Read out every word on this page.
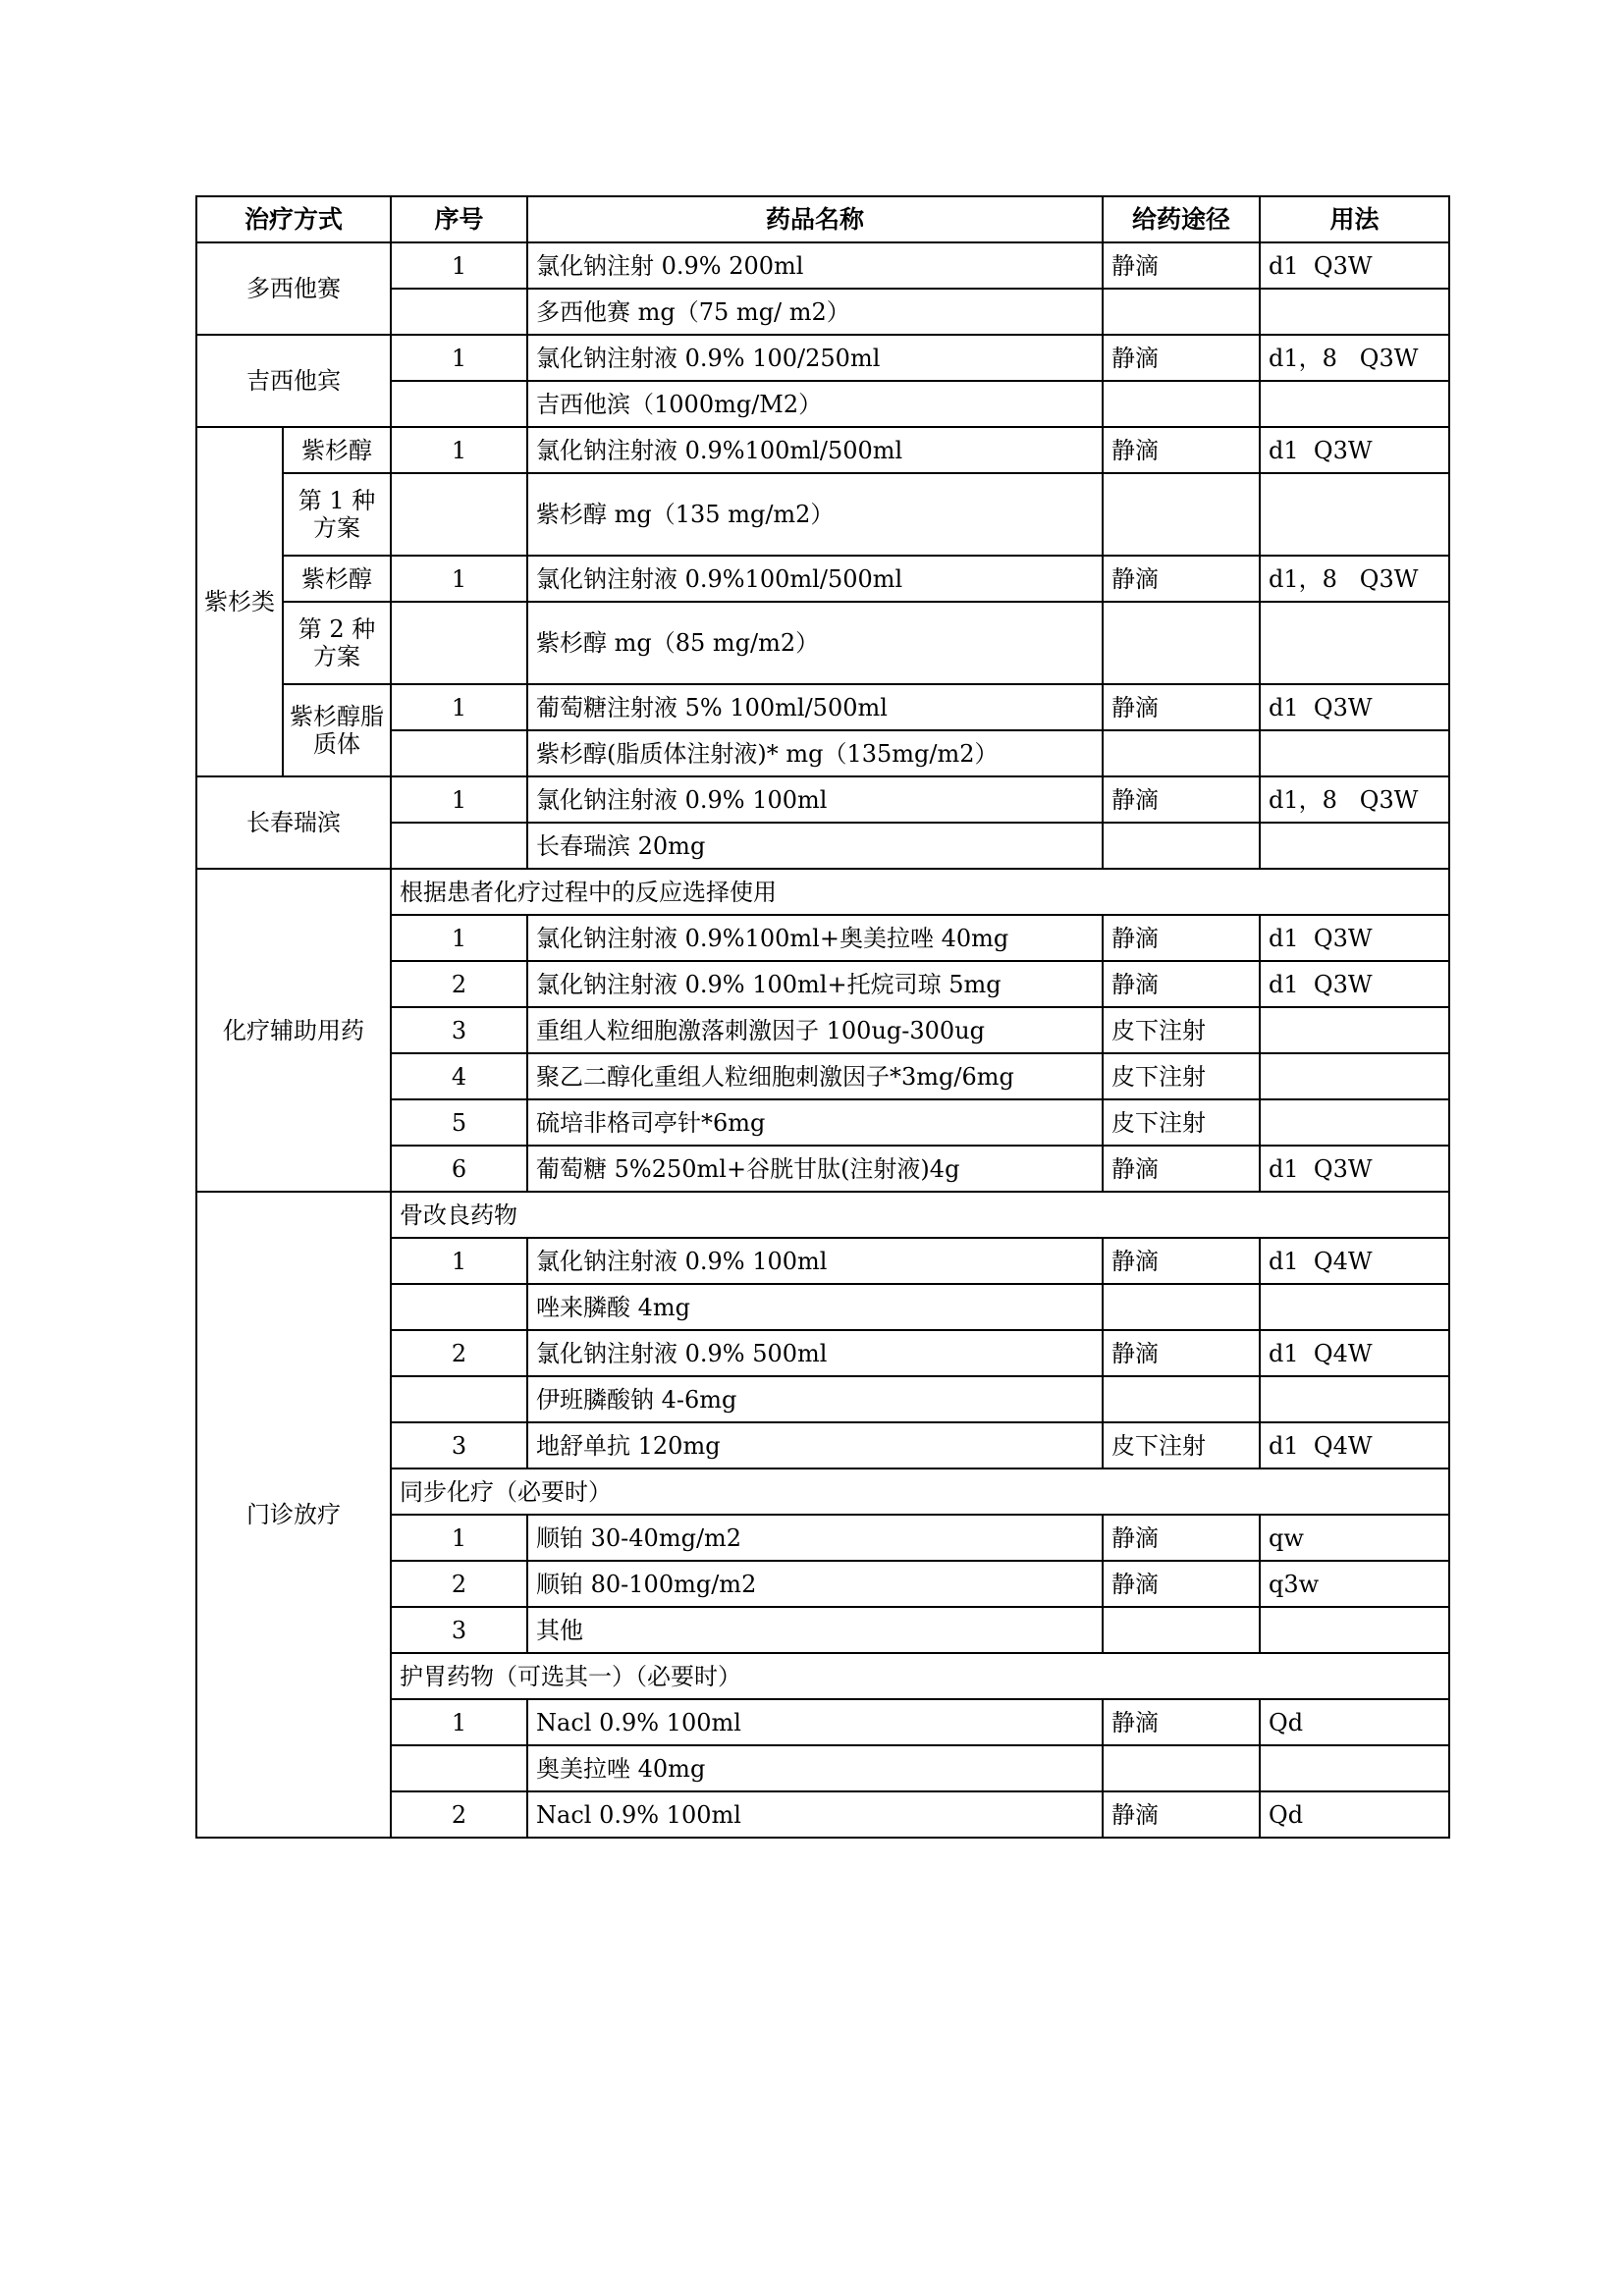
治疗方式		序号	药品名称	给药途径	用法
多西他赛		1	氯化钠注射 0.9% 200ml	静滴	d1  Q3W
			多西他赛 mg（75 mg/ m2）		
吉西他宾		1	氯化钠注射液 0.9% 100/250ml	静滴	d1，8   Q3W
			吉西他滨（1000mg/M2）		
紫杉类	紫杉醇	1	氯化钠注射液 0.9%100ml/500ml	静滴	d1  Q3W
	第 1 种方案		紫杉醇 mg（135 mg/m2）		
	紫杉醇	1	氯化钠注射液 0.9%100ml/500ml	静滴	d1，8   Q3W
	第 2 种方案		紫杉醇 mg（85 mg/m2）		
	紫杉醇脂质体	1	葡萄糖注射液 5% 100ml/500ml	静滴	d1  Q3W
			紫杉醇(脂质体注射液)* mg（135mg/m2）		
长春瑞滨		1	氯化钠注射液 0.9% 100ml	静滴	d1，8   Q3W
			长春瑞滨 20mg		
化疗辅助用药		根据患者化疗过程中的反应选择使用			
		1	氯化钠注射液 0.9%100ml+奥美拉唑 40mg	静滴	d1  Q3W
		2	氯化钠注射液 0.9% 100ml+托烷司琼 5mg	静滴	d1  Q3W
		3	重组人粒细胞激落刺激因子 100ug-300ug	皮下注射	
		4	聚乙二醇化重组人粒细胞刺激因子*3mg/6mg	皮下注射	
		5	硫培非格司亭针*6mg	皮下注射	
		6	葡萄糖 5%250ml+谷胱甘肽(注射液)4g	静滴	d1  Q3W
门诊放疗		骨改良药物			
		1	氯化钠注射液 0.9% 100ml	静滴	d1  Q4W
			唑来膦酸 4mg		
		2	氯化钠注射液 0.9% 500ml	静滴	d1  Q4W
			伊班膦酸钠 4-6mg		
		3	地舒单抗 120mg	皮下注射	d1  Q4W
		同步化疗（必要时）			
		1	顺铂 30-40mg/m2	静滴	qw
		2	顺铂 80-100mg/m2	静滴	q3w
		3	其他		
		护胃药物（可选其一）（必要时）			
		1	Nacl 0.9% 100ml	静滴	Qd
			奥美拉唑 40mg		
		2	Nacl 0.9% 100ml	静滴	Qd
